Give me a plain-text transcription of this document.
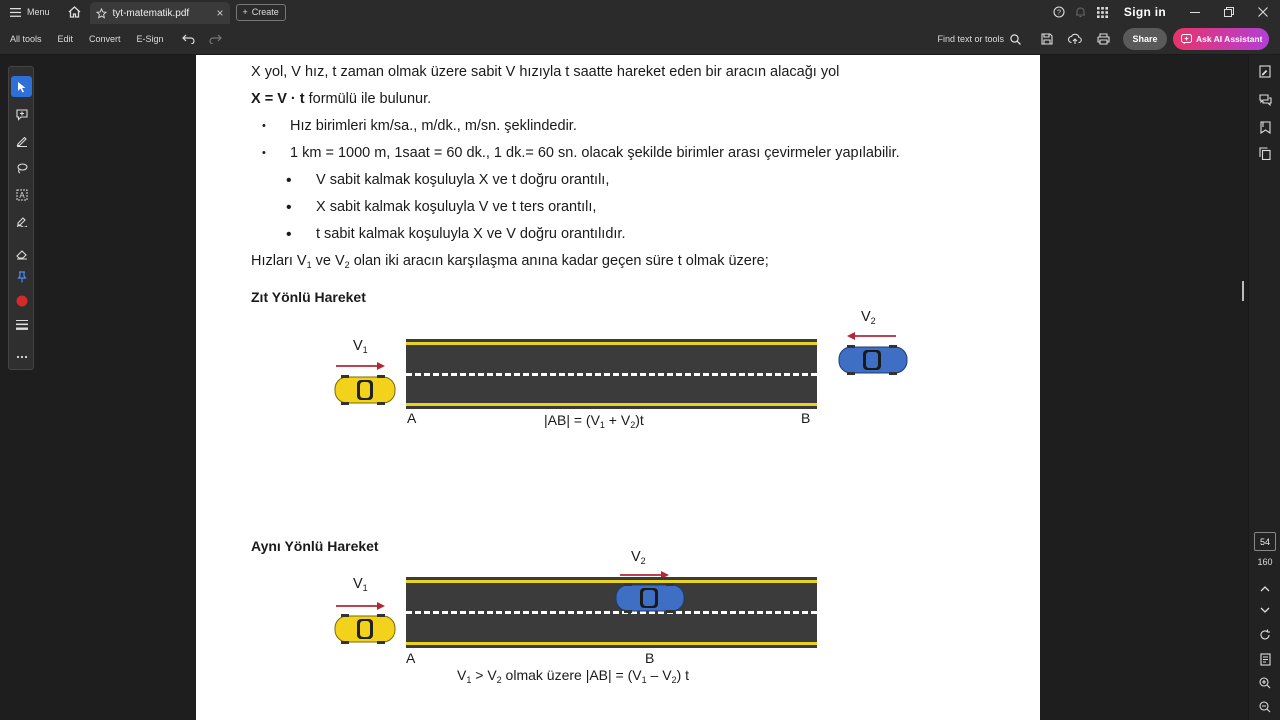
Menu	tyt-matematik.pdf × + Create	?	Sign in
All tools	Edit	Convert	E-Sign	Find text or tools	Share	Ask AI Assistant
A
X yol, V hız, t zaman olmak üzere sabit V hızıyla t saatte hareket eden bir aracın alacağı yol
X = V · t formülü ile bulunur.
• Hız birimleri km/sa., m/dk., m/sn. şeklindedir.
• 1 km = 1000 m, 1saat = 60 dk., 1 dk.= 60 sn. olacak şekilde birimler arası çevirmeler yapılabilir.
• V sabit kalmak koşuluyla X ve t doğru orantılı,
• X sabit kalmak koşuluyla V ve t ters orantılı,
• t sabit kalmak koşuluyla X ve V doğru orantılıdır.
Hızları $V_1$ ve $V_2$ olan iki aracın karşılaşma anına kadar geçen süre t olmak üzere;
Zıt Yönlü Hareket
$V_1$
$V_2$
A	B
$|AB| = (V_1 + V_2)t$
Aynı Yönlü Hareket
$V_2$
$V_1$
A	B
$V_1 > V_2$ olmak üzere $|AB| = (V_1 - V_2)$ t
54
160
